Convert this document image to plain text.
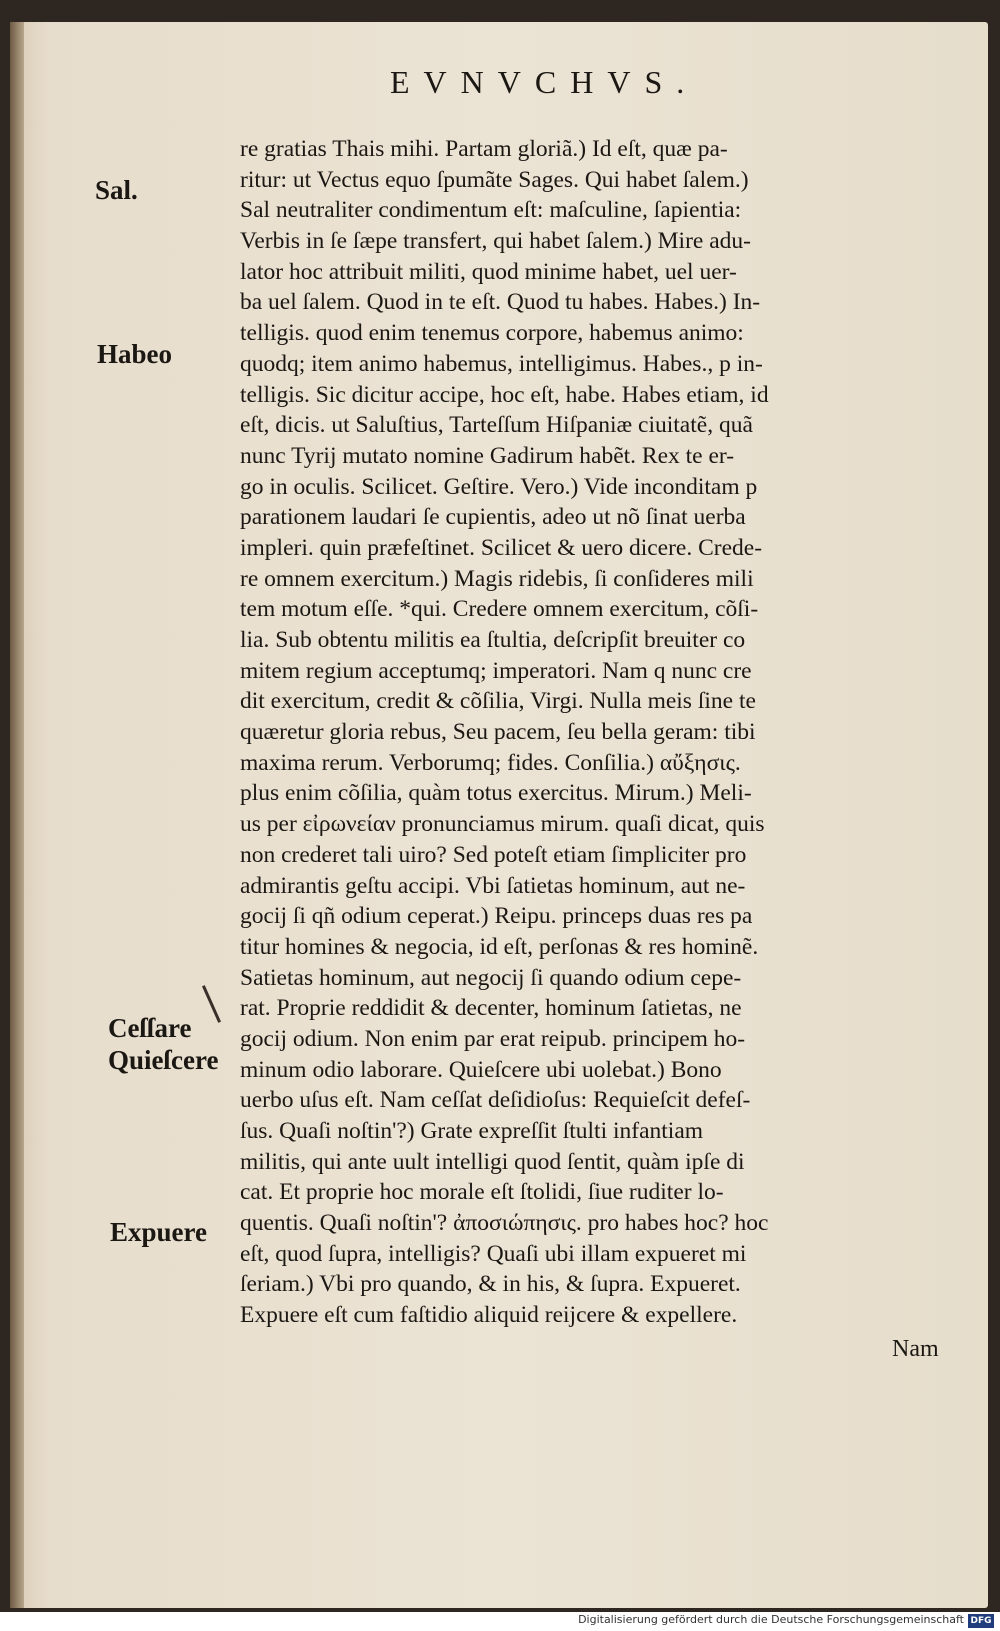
EVNVCHVS.
Sal.
Habeo
Ceſſare
Quieſcere
Expuere
re gratias Thais mihi. Partam gloriã.) Id eſt, quæ pa-
ritur: ut Vectus equo ſpumãte Sages. Qui habet ſalem.)
Sal neutraliter condimentum eſt: maſculine, ſapientia:
Verbis in ſe ſæpe transfert, qui habet ſalem.) Mire adu-
lator hoc attribuit militi, quod minime habet, uel uer-
ba uel ſalem. Quod in te eſt. Quod tu habes. Habes.) In-
telligis. quod enim tenemus corpore, habemus animo:
quodq; item animo habemus, intelligimus. Habes., p in-
telligis. Sic dicitur accipe, hoc eſt, habe. Habes etiam, id
eſt, dicis. ut Saluſtius, Tarteſſum Hiſpaniæ ciuitatẽ, quã
nunc Tyrij mutato nomine Gadirum habẽt. Rex te er-
go in oculis. Scilicet. Geſtire. Vero.) Vide inconditam p
parationem laudari ſe cupientis, adeo ut nõ ſinat uerba
impleri. quin præfeſtinet. Scilicet & uero dicere. Crede-
re omnem exercitum.) Magis ridebis, ſi conſideres mili
tem motum eſſe. *qui. Credere omnem exercitum, cõſi-
lia. Sub obtentu militis ea ſtultia, deſcripſit breuiter co
mitem regium acceptumq; imperatori. Nam q nunc cre
dit exercitum, credit & cõſilia, Virgi. Nulla meis ſine te
quæretur gloria rebus, Seu pacem, ſeu bella geram: tibi
maxima rerum. Verborumq; fides. Conſilia.) αὔξησις.
plus enim cõſilia, quàm totus exercitus. Mirum.) Meli-
us per εἰρωνείαν pronunciamus mirum. quaſi dicat, quis
non crederet tali uiro? Sed poteſt etiam ſimpliciter pro
admirantis geſtu accipi. Vbi ſatietas hominum, aut ne-
gocij ſi qñ odium ceperat.) Reipu. princeps duas res pa
titur homines & negocia, id eſt, perſonas & res hominẽ.
Satietas hominum, aut negocij ſi quando odium cepe-
rat. Proprie reddidit & decenter, hominum ſatietas, ne
gocij odium. Non enim par erat reipub. principem ho-
minum odio laborare. Quieſcere ubi uolebat.) Bono
uerbo uſus eſt. Nam ceſſat deſidioſus: Requieſcit defeſ-
ſus. Quaſi noſtin'?) Grate expreſſit ſtulti infantiam
militis, qui ante uult intelligi quod ſentit, quàm ipſe di
cat. Et proprie hoc morale eſt ſtolidi, ſiue ruditer lo-
quentis. Quaſi noſtin'? ἀποσιώπησις. pro habes hoc? hoc
eſt, quod ſupra, intelligis? Quaſi ubi illam expueret mi
ſeriam.) Vbi pro quando, & in his, & ſupra. Expueret.
Expuere eſt cum faſtidio aliquid reijcere & expellere.
Nam
Digitalisierung gefördert durch die Deutsche Forschungsgemeinschaft DFG
